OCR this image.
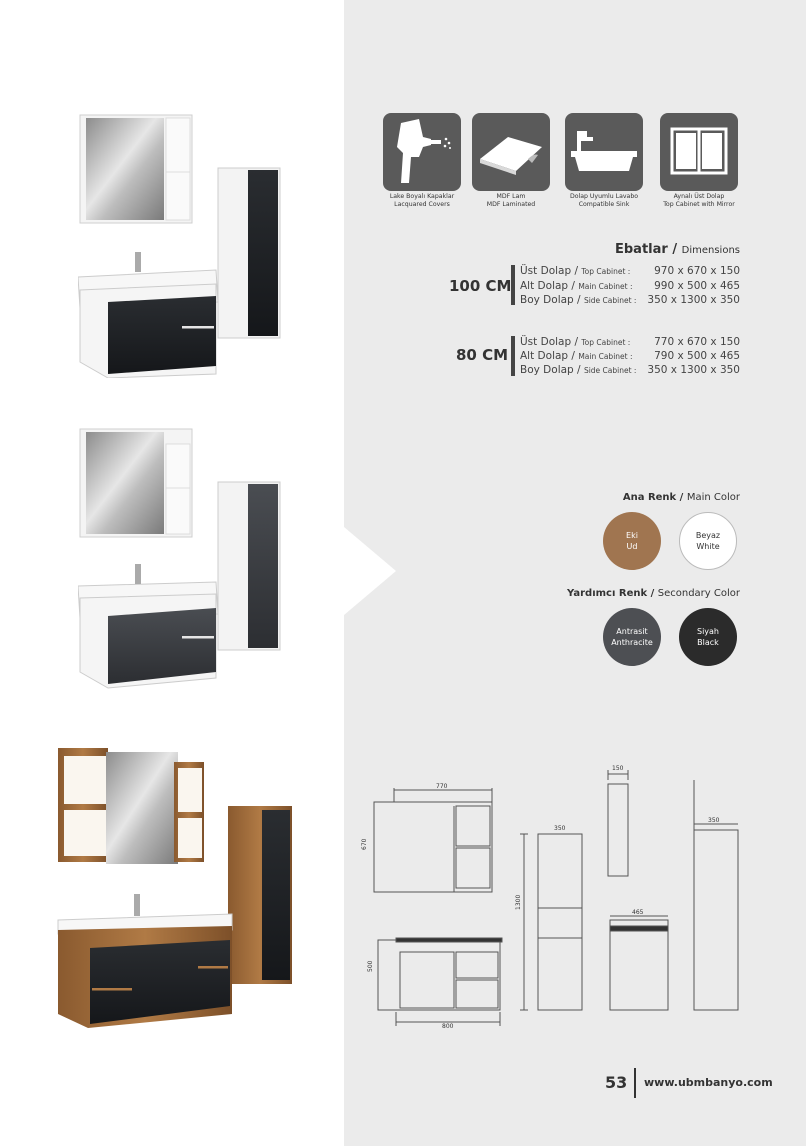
Lake Boyalı Kapaklar
Lacquared Covers
MDF Lam
MDF Laminated
Dolap Uyumlu Lavabo
Compatible Sink
Aynalı Üst Dolap
Top Cabinet with Mirror
Ebatlar / Dimensions
100 CM
Üst Dolap / Top Cabinet : 970 x 670 x 150
Alt Dolap / Main Cabinet : 990 x 500 x 465
Boy Dolap / Side Cabinet : 350 x 1300 x 350
80 CM
Üst Dolap / Top Cabinet : 770 x 670 x 150
Alt Dolap / Main Cabinet : 790 x 500 x 465
Boy Dolap / Side Cabinet : 350 x 1300 x 350
Ana Renk / Main Color
Eki
Ud
Beyaz
White
Yardımcı Renk / Secondary Color
Antrasit
Anthracite
Siyah
Black
770
670
800
500
350
1300
150
465
350
53 www.ubmbanyo.com
